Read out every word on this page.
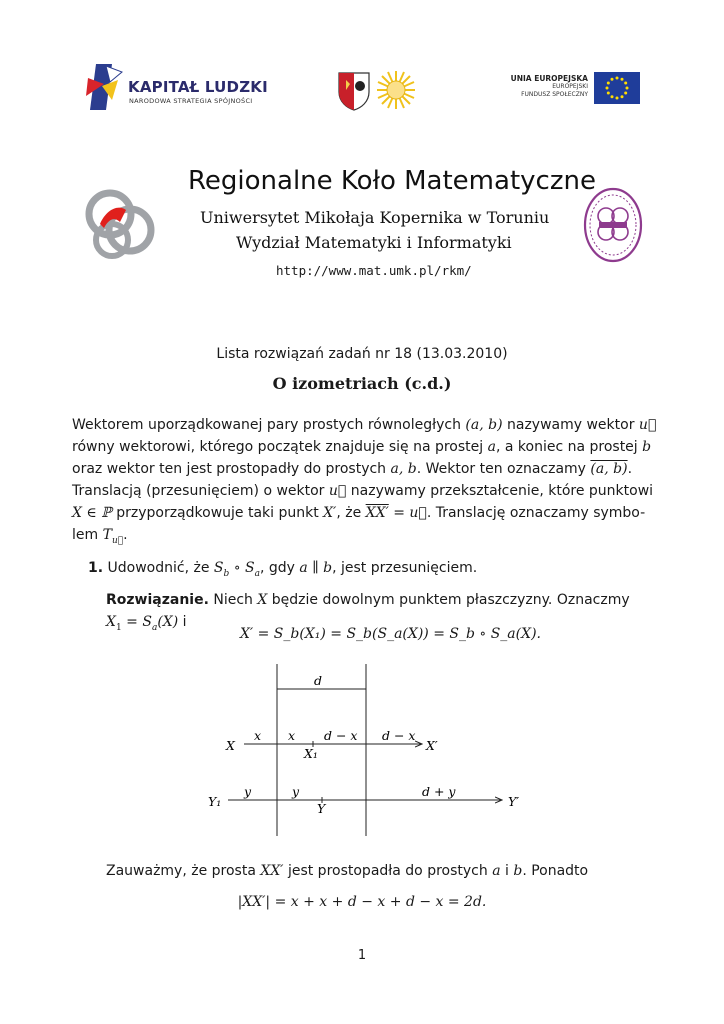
KAPITAŁ LUDZKI
NARODOWA STRATEGIA SPÓJNOŚCI
UNIA EUROPEJSKA
EUROPEJSKI
FUNDUSZ SPOŁECZNY
Regionalne Koło Matematyczne
Uniwersytet Mikołaja Kopernika w Toruniu
Wydział Matematyki i Informatyki
http://www.mat.umk.pl/rkm/
Lista rozwiązań zadań nr 18 (13.03.2010)
O izometriach (c.d.)
Wektorem uporządkowanej pary prostych równoległych (a, b) nazywamy wektor u⃗
równy wektorowi, którego początek znajduje się na prostej a, a koniec na prostej b
oraz wektor ten jest prostopadły do prostych a, b. Wektor ten oznaczamy (a, b).
Translacją (przesunięciem) o wektor u⃗ nazywamy przekształcenie, które punktowi
X ∈ ℙ przyporządkowuje taki punkt X′, że XX′ = u⃗. Translację oznaczamy symbo-
lem $T_{u⃗}$.
1. Udowodnić, że $S_b$ ∘ $S_a$, gdy a ∥ b, jest przesunięciem.
Rozwiązanie. Niech X będzie dowolnym punktem płaszczyzny. Oznaczmy
$X_1 = S_a(X)$ i
X′ = S_b(X₁) = S_b(S_a(X)) = S_b ∘ S_a(X).
d
x x d − x d − x
X	X′
X₁
y	y	d + y
Y₁	Y	Y′
Zauważmy, że prosta XX′ jest prostopadła do prostych a i b. Ponadto
|XX′| = x + x + d − x + d − x = 2d.
1
